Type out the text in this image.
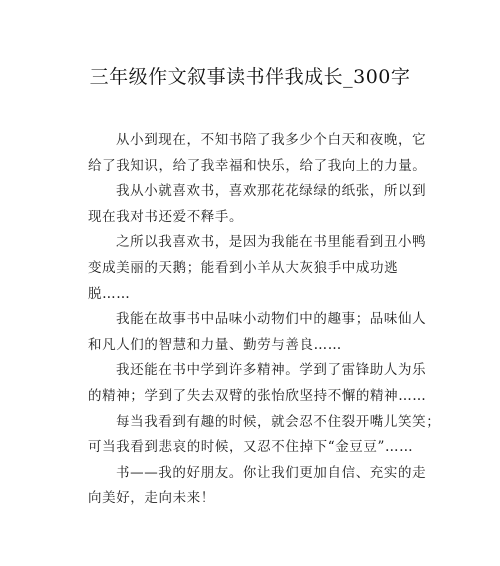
三年级作文叙事读书伴我成长_300字
从小到现在，不知书陪了我多少个白天和夜晚，它
给了我知识，给了我幸福和快乐，给了我向上的力量。
我从小就喜欢书，喜欢那花花绿绿的纸张，所以到
现在我对书还爱不释手。
之所以我喜欢书，是因为我能在书里能看到丑小鸭
变成美丽的天鹅；能看到小羊从大灰狼手中成功逃
脱……
我能在故事书中品味小动物们中的趣事；品味仙人
和凡人们的智慧和力量、勤劳与善良……
我还能在书中学到许多精神。学到了雷锋助人为乐
的精神；学到了失去双臂的张怡欣坚持不懈的精神……
每当我看到有趣的时候，就会忍不住裂开嘴儿笑笑；
可当我看到悲哀的时候，又忍不住掉下“金豆豆”……
书——我的好朋友。你让我们更加自信、充实的走
向美好，走向未来！
